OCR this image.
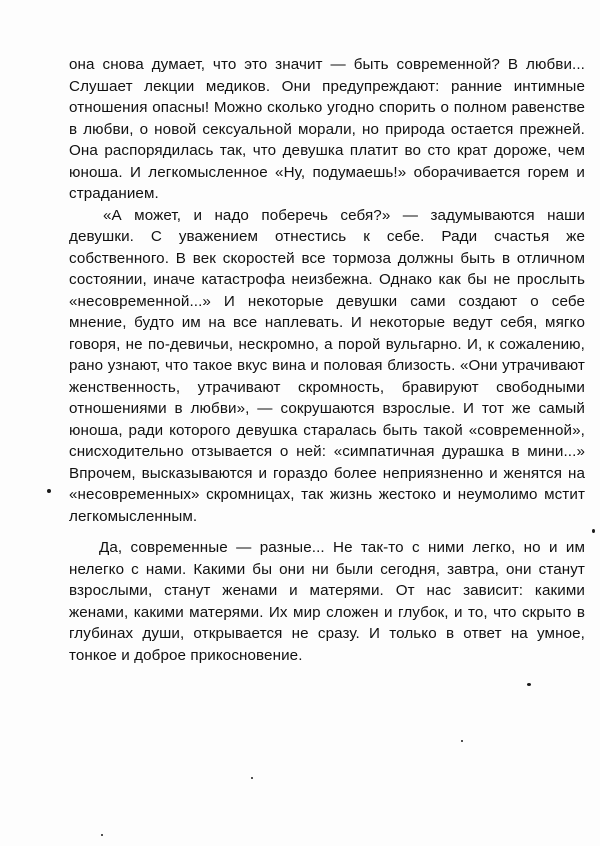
она снова думает, что это значит — быть современной? В любви... Слушает лекции медиков. Они предупреждают: ранние интимные отношения опасны! Можно сколько угодно спорить о полном равенстве в любви, о новой сексуальной морали, но природа остается прежней. Она распорядилась так, что девушка платит во сто крат дороже, чем юноша. И легкомысленное «Ну, подумаешь!» оборачивается горем и страданием.

«А может, и надо поберечь себя?» — задумываются наши девушки. С уважением отнестись к себе. Ради счастья же собственного. В век скоростей все тормоза должны быть в отличном состоянии, иначе катастрофа неизбежна. Однако как бы не прослыть «несовременной...» И некоторые девушки сами создают о себе мнение, будто им на все наплевать. И некоторые ведут себя, мягко говоря, не по-девичьи, нескромно, а порой вульгарно. И, к сожалению, рано узнают, что такое вкус вина и половая близость. «Они утрачивают женственность, утрачивают скромность, бравируют свободными отношениями в любви», — сокрушаются взрослые. И тот же самый юноша, ради которого девушка старалась быть такой «современной», снисходительно отзывается о ней: «симпатичная дурашка в мини...» Впрочем, высказываются и гораздо более неприязненно и женятся на «несовременных» скромницах, так жизнь жестоко и неумолимо мстит легкомысленным.

Да, современные — разные... Не так-то с ними легко, но и им нелегко с нами. Какими бы они ни были сегодня, завтра, они станут взрослыми, станут женами и матерями. От нас зависит: какими женами, какими матерями. Их мир сложен и глубок, и то, что скрыто в глубинах души, открывается не сразу. И только в ответ на умное, тонкое и доброе прикосновение.
